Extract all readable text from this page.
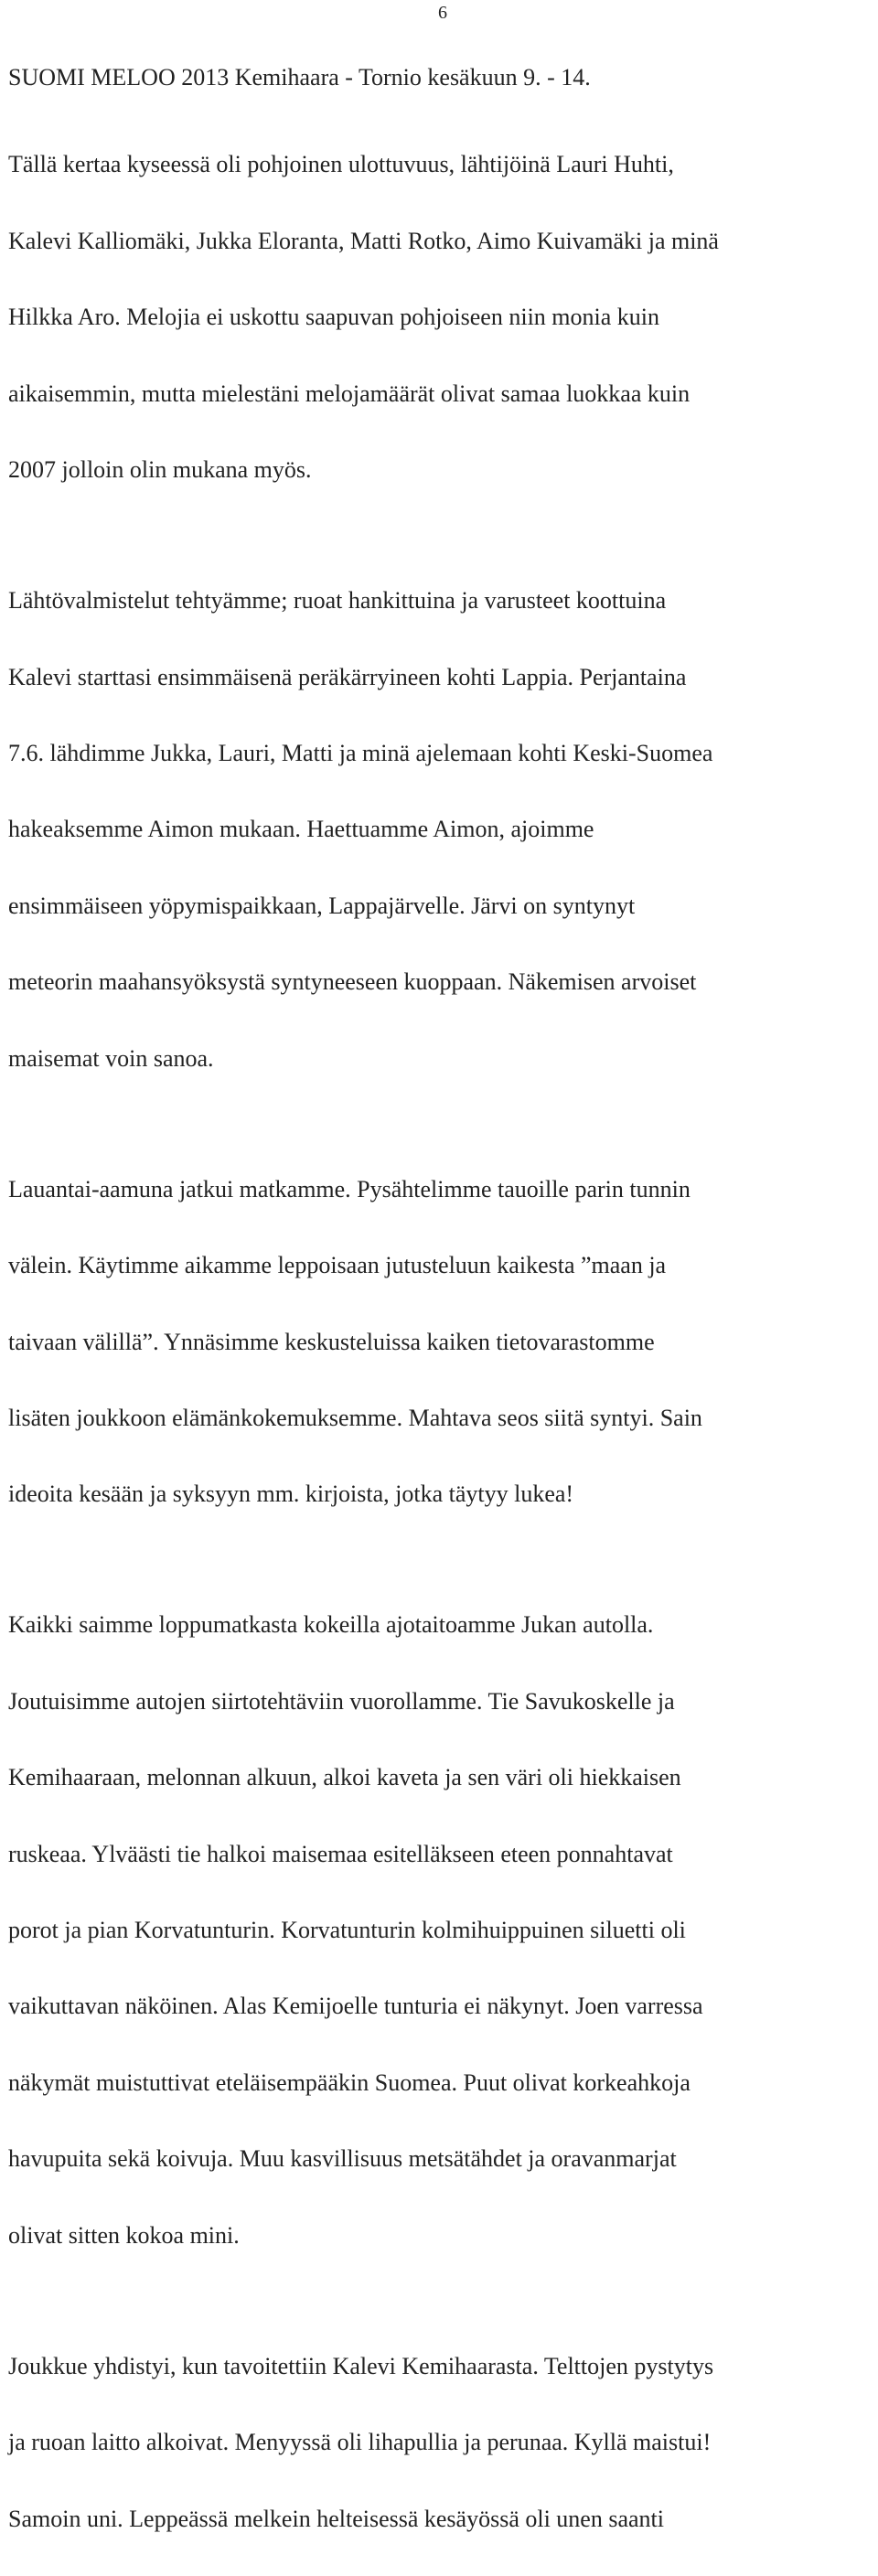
6

SUOMI MELOO 2013 Kemihaara - Tornio kesäkuun 9. - 14.

Tällä kertaa kyseessä oli pohjoinen ulottuvuus, lähtijöinä Lauri Huhti,

Kalevi Kalliomäki, Jukka Eloranta, Matti Rotko, Aimo Kuivamäki ja minä

Hilkka Aro. Melojia ei uskottu saapuvan pohjoiseen niin monia kuin

aikaisemmin, mutta mielestäni melojamäärät olivat samaa luokkaa kuin

2007 jolloin olin mukana myös.

Lähtövalmistelut tehtyämme; ruoat hankittuina ja varusteet koottuina

Kalevi starttasi ensimmäisenä peräkärryineen kohti Lappia. Perjantaina

7.6. lähdimme Jukka, Lauri, Matti ja minä ajelemaan kohti Keski-Suomea

hakeaksemme Aimon mukaan. Haettuamme Aimon, ajoimme

ensimmäiseen yöpymispaikkaan, Lappajärvelle. Järvi on syntynyt

meteorin maahansyöksystä syntyneeseen kuoppaan. Näkemisen arvoiset

maisemat voin sanoa.

Lauantai-aamuna jatkui matkamme. Pysähtelimme tauoille parin tunnin

välein. Käytimme aikamme leppoisaan jutusteluun kaikesta ”maan ja

taivaan välillä”. Ynnäsimme keskusteluissa kaiken tietovarastomme

lisäten joukkoon elämänkokemuksemme. Mahtava seos siitä syntyi. Sain

ideoita kesään ja syksyyn mm. kirjoista, jotka täytyy lukea!

Kaikki saimme loppumatkasta kokeilla ajotaitoamme Jukan autolla.

Joutuisimme autojen siirtotehtäviin vuorollamme. Tie Savukoskelle ja

Kemihaaraan, melonnan alkuun, alkoi kaveta ja sen väri oli hiekkaisen

ruskeaa. Ylväästi tie halkoi maisemaa esitelläkseen eteen ponnahtavat

porot ja pian Korvatunturin. Korvatunturin kolmihuippuinen siluetti oli

vaikuttavan näköinen. Alas Kemijoelle tunturia ei näkynyt. Joen varressa

näkymät muistuttivat eteläisempääkin Suomea. Puut olivat korkeahkoja

havupuita sekä koivuja. Muu kasvillisuus metsätähdet ja oravanmarjat

olivat sitten kokoa mini.

Joukkue yhdistyi, kun tavoitettiin Kalevi Kemihaarasta. Telttojen pystytys

ja ruoan laitto alkoivat. Menyyssä oli lihapullia ja perunaa. Kyllä maistui!

Samoin uni. Leppeässä melkein helteisessä kesäyössä oli unen saanti
